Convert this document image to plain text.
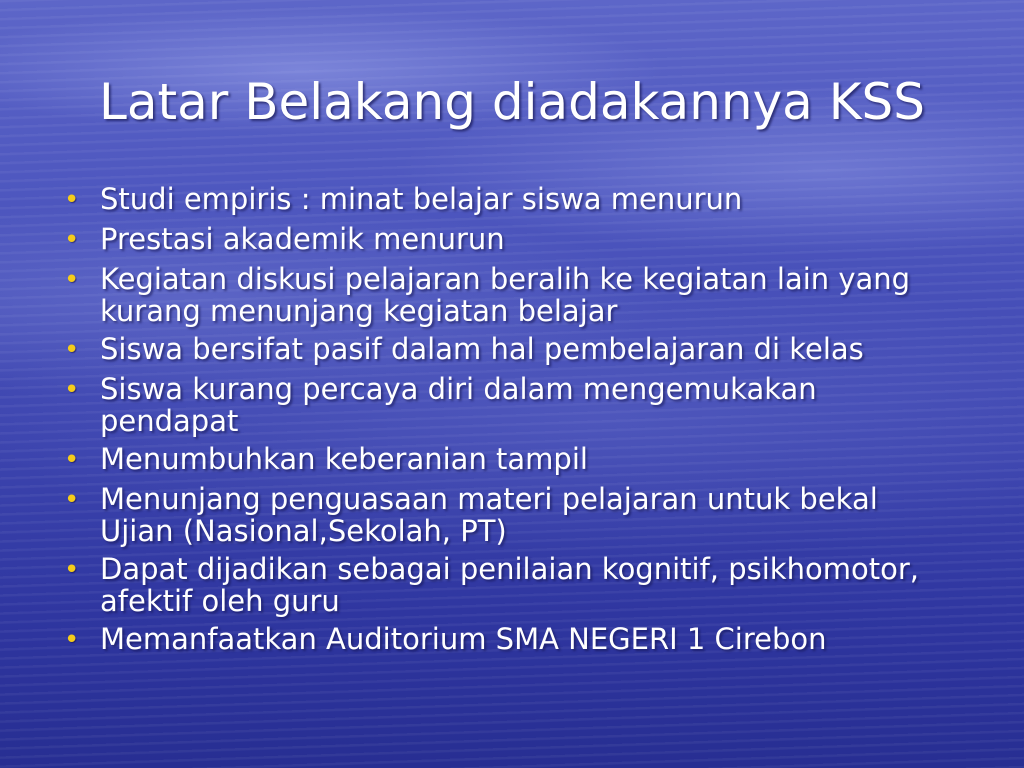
Latar Belakang diadakannya KSS
• Studi empiris : minat belajar siswa menurun
• Prestasi akademik menurun
• Kegiatan diskusi pelajaran beralih ke kegiatan lain yang kurang menunjang kegiatan belajar
• Siswa bersifat pasif dalam hal pembelajaran di kelas
• Siswa kurang percaya diri dalam mengemukakan pendapat
• Menumbuhkan keberanian tampil
• Menunjang penguasaan materi pelajaran untuk bekal Ujian (Nasional,Sekolah, PT)
• Dapat dijadikan sebagai penilaian kognitif, psikhomotor, afektif oleh guru
• Memanfaatkan Auditorium SMA NEGERI 1 Cirebon
